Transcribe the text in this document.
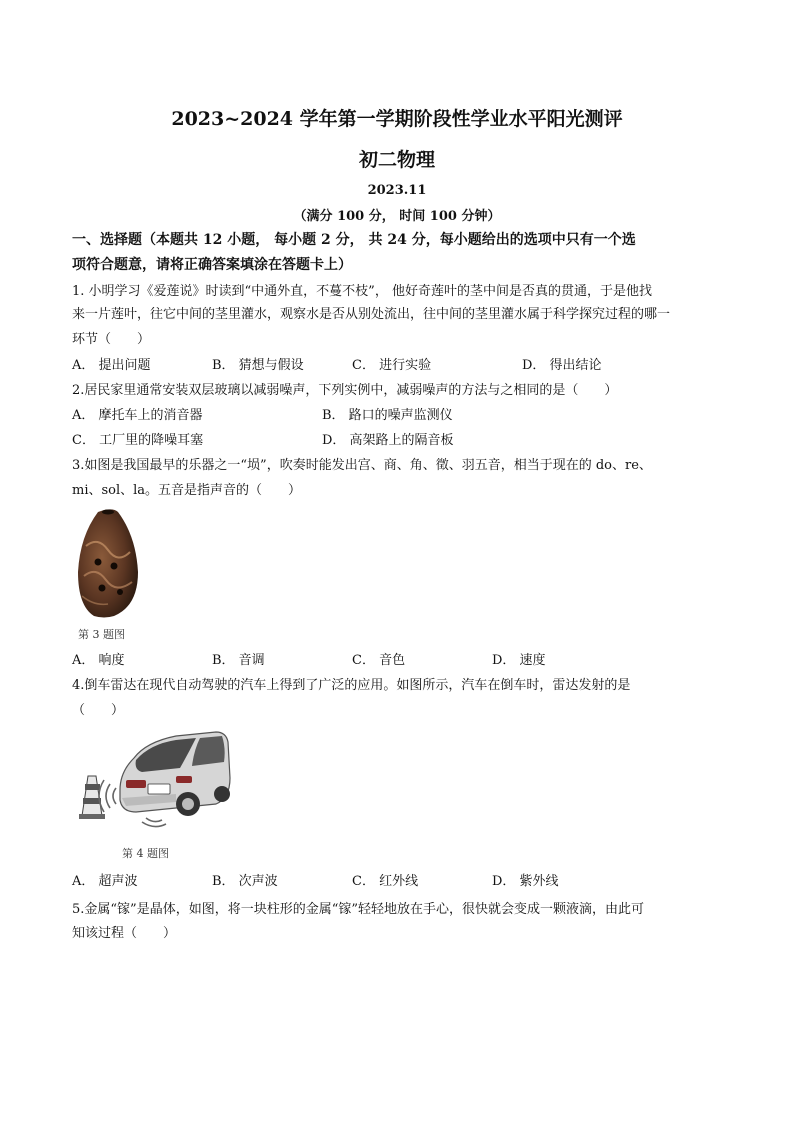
2023~2024 学年第一学期阶段性学业水平阳光测评
初二物理
2023.11
（满分 100 分， 时间 100 分钟）
一、选择题（本题共 12 小题， 每小题 2 分， 共 24 分，每小题给出的选项中只有一个选
项符合题意，请将正确答案填涂在答题卡上）
1. 小明学习《爱莲说》时读到“中通外直，不蔓不枝”， 他好奇莲叶的茎中间是否真的贯通，于是他找
来一片莲叶，往它中间的茎里灌水，观察水是否从别处流出，往中间的茎里灌水属于科学探究过程的哪一
环节（　　）
A． 提出问题	B． 猜想与假设	C． 进行实验	D． 得出结论
2.居民家里通常安装双层玻璃以减弱噪声，下列实例中，减弱噪声的方法与之相同的是（　　）
A． 摩托车上的消音器	B． 路口的噪声监测仪
C． 工厂里的降噪耳塞	D． 高架路上的隔音板
3.如图是我国最早的乐器之一“埙”，吹奏时能发出宫、商、角、徵、羽五音，相当于现在的 do、re、
mi、sol、la。五音是指声音的（　　）
第 3 题图
A． 响度	B． 音调	C． 音色	D． 速度
4.倒车雷达在现代自动驾驶的汽车上得到了广泛的应用。如图所示，汽车在倒车时，雷达发射的是
（　　）
第 4 题图
A． 超声波	B． 次声波	C． 红外线	D． 紫外线
5.金属“镓”是晶体，如图，将一块柱形的金属“镓”轻轻地放在手心，很快就会变成一颗液滴，由此可
知该过程（　　）
